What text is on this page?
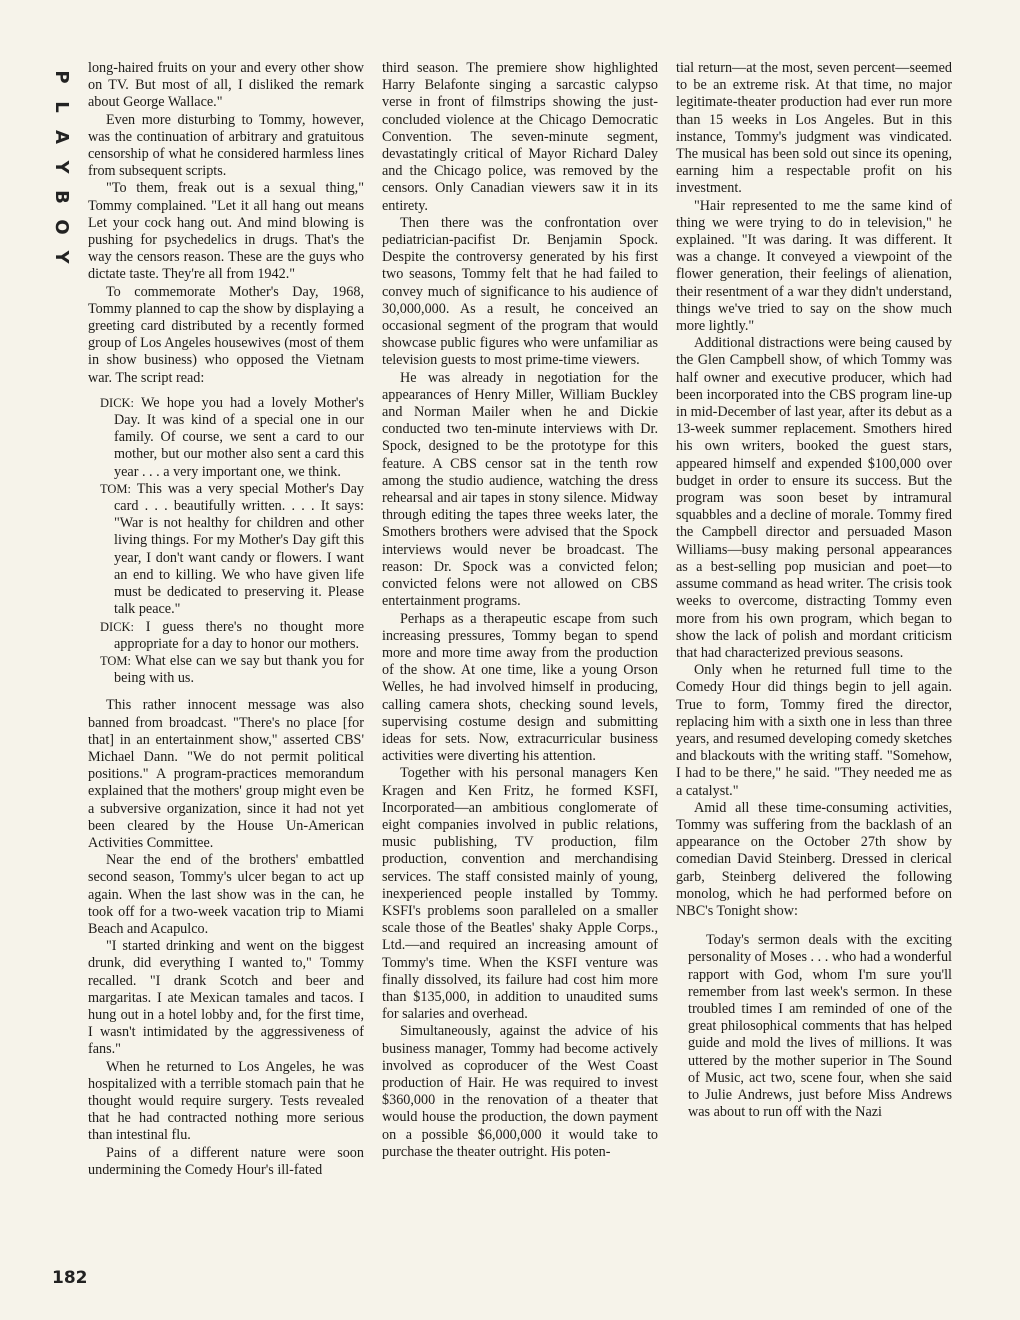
P
L
A
Y
B
O
Y

long-haired fruits on your and every other show on TV. But most of all, I disliked the remark about George Wallace."

Even more disturbing to Tommy, however, was the continuation of arbitrary and gratuitous censorship of what he considered harmless lines from subsequent scripts.

"To them, freak out is a sexual thing," Tommy complained. "Let it all hang out means Let your cock hang out. And mind blowing is pushing for psychedelics in drugs. That's the way the censors reason. These are the guys who dictate taste. They're all from 1942."

To commemorate Mother's Day, 1968, Tommy planned to cap the show by displaying a greeting card distributed by a recently formed group of Los Angeles housewives (most of them in show business) who opposed the Vietnam war. The script read:

DICK: We hope you had a lovely Mother's Day. It was kind of a special one in our family. Of course, we sent a card to our mother, but our mother also sent a card this year . . . a very important one, we think.

TOM: This was a very special Mother's Day card . . . beautifully written. . . . It says: "War is not healthy for children and other living things. For my Mother's Day gift this year, I don't want candy or flowers. I want an end to killing. We who have given life must be dedicated to preserving it. Please talk peace."

DICK: I guess there's no thought more appropriate for a day to honor our mothers.

TOM: What else can we say but thank you for being with us.

This rather innocent message was also banned from broadcast. "There's no place [for that] in an entertainment show," asserted CBS' Michael Dann. "We do not permit political positions." A program-practices memorandum explained that the mothers' group might even be a subversive organization, since it had not yet been cleared by the House Un-American Activities Committee.

Near the end of the brothers' embattled second season, Tommy's ulcer began to act up again. When the last show was in the can, he took off for a two-week vacation trip to Miami Beach and Acapulco.

"I started drinking and went on the biggest drunk, did everything I wanted to," Tommy recalled. "I drank Scotch and beer and margaritas. I ate Mexican tamales and tacos. I hung out in a hotel lobby and, for the first time, I wasn't intimidated by the aggressiveness of fans."

When he returned to Los Angeles, he was hospitalized with a terrible stomach pain that he thought would require surgery. Tests revealed that he had contracted nothing more serious than intestinal flu.

Pains of a different nature were soon undermining the Comedy Hour's ill-fated

third season. The premiere show highlighted Harry Belafonte singing a sarcastic calypso verse in front of filmstrips showing the just-concluded violence at the Chicago Democratic Convention. The seven-minute segment, devastatingly critical of Mayor Richard Daley and the Chicago police, was removed by the censors. Only Canadian viewers saw it in its entirety.

Then there was the confrontation over pediatrician-pacifist Dr. Benjamin Spock. Despite the controversy generated by his first two seasons, Tommy felt that he had failed to convey much of significance to his audience of 30,000,000. As a result, he conceived an occasional segment of the program that would showcase public figures who were unfamiliar as television guests to most prime-time viewers.

He was already in negotiation for the appearances of Henry Miller, William Buckley and Norman Mailer when he and Dickie conducted two ten-minute interviews with Dr. Spock, designed to be the prototype for this feature. A CBS censor sat in the tenth row among the studio audience, watching the dress rehearsal and air tapes in stony silence. Midway through editing the tapes three weeks later, the Smothers brothers were advised that the Spock interviews would never be broadcast. The reason: Dr. Spock was a convicted felon; convicted felons were not allowed on CBS entertainment programs.

Perhaps as a therapeutic escape from such increasing pressures, Tommy began to spend more and more time away from the production of the show. At one time, like a young Orson Welles, he had involved himself in producing, calling camera shots, checking sound levels, supervising costume design and submitting ideas for sets. Now, extracurricular business activities were diverting his attention.

Together with his personal managers Ken Kragen and Ken Fritz, he formed KSFI, Incorporated—an ambitious conglomerate of eight companies involved in public relations, music publishing, TV production, film production, convention and merchandising services. The staff consisted mainly of young, inexperienced people installed by Tommy. KSFI's problems soon paralleled on a smaller scale those of the Beatles' shaky Apple Corps., Ltd.—and required an increasing amount of Tommy's time. When the KSFI venture was finally dissolved, its failure had cost him more than $135,000, in addition to unaudited sums for salaries and overhead.

Simultaneously, against the advice of his business manager, Tommy had become actively involved as coproducer of the West Coast production of Hair. He was required to invest $360,000 in the renovation of a theater that would house the production, the down payment on a possible $6,000,000 it would take to purchase the theater outright. His poten-

tial return—at the most, seven percent—seemed to be an extreme risk. At that time, no major legitimate-theater production had ever run more than 15 weeks in Los Angeles. But in this instance, Tommy's judgment was vindicated. The musical has been sold out since its opening, earning him a respectable profit on his investment.

"Hair represented to me the same kind of thing we were trying to do in television," he explained. "It was daring. It was different. It was a change. It conveyed a viewpoint of the flower generation, their feelings of alienation, their resentment of a war they didn't understand, things we've tried to say on the show much more lightly."

Additional distractions were being caused by the Glen Campbell show, of which Tommy was half owner and executive producer, which had been incorporated into the CBS program line-up in mid-December of last year, after its debut as a 13-week summer replacement. Smothers hired his own writers, booked the guest stars, appeared himself and expended $100,000 over budget in order to ensure its success. But the program was soon beset by intramural squabbles and a decline of morale. Tommy fired the Campbell director and persuaded Mason Williams—busy making personal appearances as a best-selling pop musician and poet—to assume command as head writer. The crisis took weeks to overcome, distracting Tommy even more from his own program, which began to show the lack of polish and mordant criticism that had characterized previous seasons.

Only when he returned full time to the Comedy Hour did things begin to jell again. True to form, Tommy fired the director, replacing him with a sixth one in less than three years, and resumed developing comedy sketches and blackouts with the writing staff. "Somehow, I had to be there," he said. "They needed me as a catalyst."

Amid all these time-consuming activities, Tommy was suffering from the backlash of an appearance on the October 27th show by comedian David Steinberg. Dressed in clerical garb, Steinberg delivered the following monolog, which he had performed before on NBC's Tonight show:

Today's sermon deals with the exciting personality of Moses . . . who had a wonderful rapport with God, whom I'm sure you'll remember from last week's sermon. In these troubled times I am reminded of one of the great philosophical comments that has helped guide and mold the lives of millions. It was uttered by the mother superior in The Sound of Music, act two, scene four, when she said to Julie Andrews, just before Miss Andrews was about to run off with the Nazi

182
